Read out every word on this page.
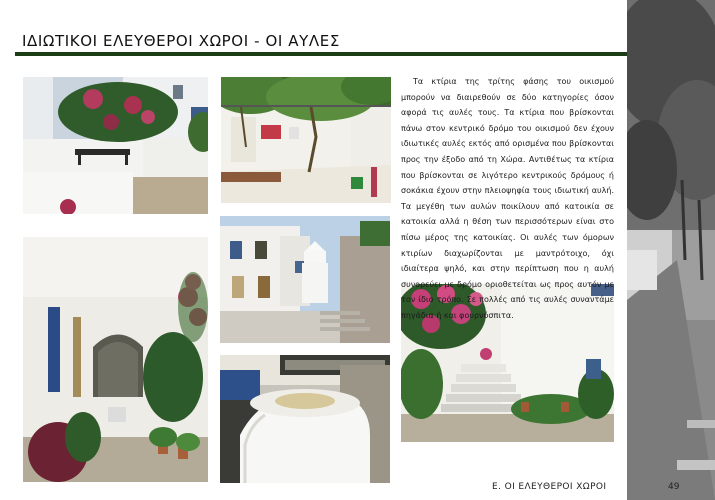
ΙΔΙΩΤΙΚΟΙ ΕΛΕΥΘΕΡΟΙ ΧΩΡΟΙ - ΟΙ ΑΥΛΕΣ

Τα κτίρια της τρίτης φάσης του οικισμού μπορούν να διαιρεθούν σε δύο κατηγορίες όσον αφορά τις αυλές τους. Τα κτίρια που βρίσκονται πάνω στον κεντρικό δρόμο του οικισμού δεν έχουν ιδιωτικές αυλές εκτός από ορισμένα που βρίσκονται προς την έξοδο από τη Χώρα. Αντιθέτως τα κτίρια που βρίσκονται σε λιγότερο κεντρικούς δρόμους ή σοκάκια έχουν στην πλειοψηφία τους ιδιωτική αυλή. Τα μεγέθη των αυλών ποικίλουν από κατοικία σε κατοικία αλλά η θέση των περισσότερων είναι στο πίσω μέρος της κατοικίας. Οι αυλές των όμορων κτιρίων διαχωρίζονται με μαντρότοιχο, όχι ιδιαίτερα ψηλό, και στην περίπτωση που η αυλή συνορεύει με δρόμο οριοθετείται ως προς αυτόν με τον ίδιο τρόπο. Σε πολλές από τις αυλές συναντάμε πηγάδια ή και φουρνόσπιτα.

Ε. ΟΙ ΕΛΕΥΘΕΡΟΙ ΧΩΡΟΙ	49
